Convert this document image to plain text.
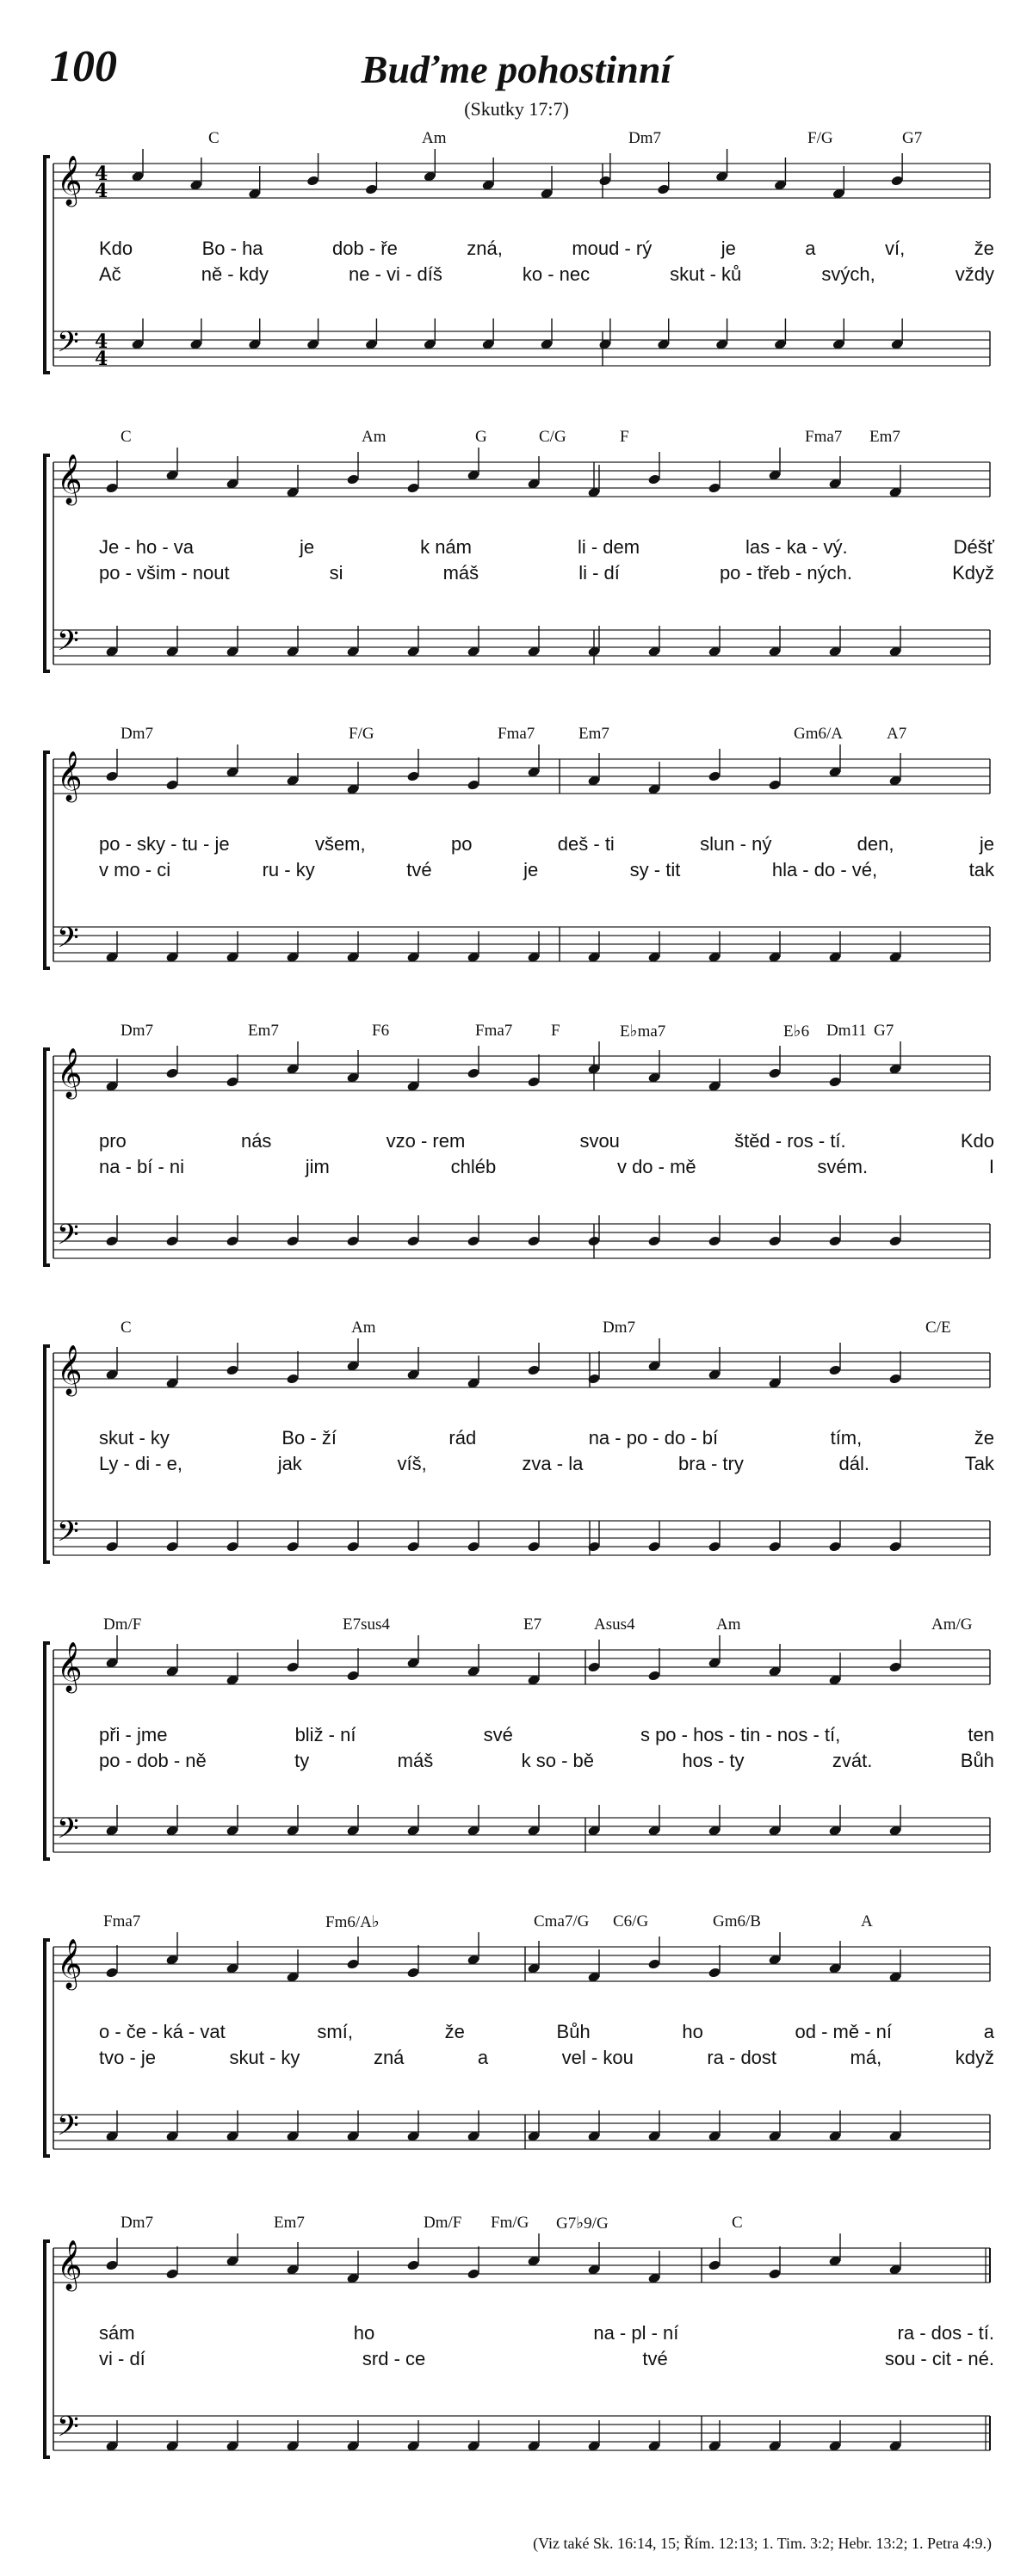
100	Buďme pohostinní
(Skutky 17:7)
𝄞
𝄢
4
4
4
4
C	Am	Dm7	F/G	G7
Kdo	Bo - ha	dob - ře	zná,	moud - rý	je	a	ví,	že
Ač	ně - kdy	ne - vi - díš	ko - nec	skut - ků	svých,	vždy
𝄞
𝄢
C	Am	G	C/G	F	Fma7 Em7
Je - ho - va	je	k nám	li - dem	las - ka - vý.	Déšť
po - všim - nout	si	máš	li - dí	po - třeb - ných.	Když
𝄞
𝄢
Dm7	F/G	Fma7	Em7	Gm6/A	A7
po - sky - tu - je	všem,	po	deš - ti	slun - ný	den,	je
v mo - ci	ru - ky	tvé	je	sy - tit	hla - do - vé,	tak
𝄞
𝄢
Dm7	Em7	F6	Fma7 F	E♭ma7	E♭6 Dm11 G7
pro	nás	vzo - rem	svou	štěd - ros - tí.	Kdo
na - bí - ni	jim	chléb	v do - mě	svém.	I
𝄞
𝄢
C	Am	Dm7	C/E
skut - ky	Bo - ží	rád	na - po - do - bí	tím,	že
Ly - di - e,	jak	víš,	zva - la	bra - try	dál.	Tak
𝄞
𝄢
Dm/F	E7sus4	E7	Asus4	Am	Am/G
při - jme	bliž - ní	své	s po - hos - tin - nos - tí,	ten
po - dob - ně	ty	máš	k so - bě	hos - ty	zvát.	Bůh
𝄞
𝄢
Fma7	Fm6/A♭	Cma7/G C6/G	Gm6/B	A
o - če - ká - vat	smí,	že	Bůh	ho	od - mě - ní	a
tvo - je	skut - ky	zná	a	vel - kou	ra - dost	má,	když
𝄞
𝄢
Dm7	Em7	Dm/F Fm/G G7♭9/G	C
sám	ho	na - pl - ní	ra - dos - tí.
vi - dí	srd - ce	tvé	sou - cit - né.
(Viz také Sk. 16:14, 15; Řím. 12:13; 1. Tim. 3:2; Hebr. 13:2; 1. Petra 4:9.)
